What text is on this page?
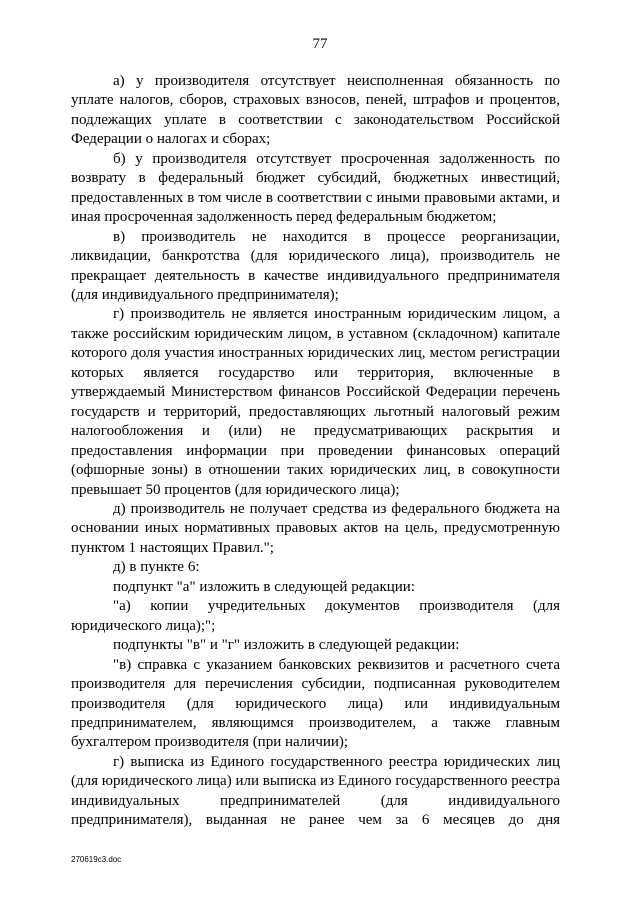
77

а) у производителя отсутствует неисполненная обязанность по уплате налогов, сборов, страховых взносов, пеней, штрафов и процентов, подлежащих уплате в соответствии с законодательством Российской Федерации о налогах и сборах;

б) у производителя отсутствует просроченная задолженность по возврату в федеральный бюджет субсидий, бюджетных инвестиций, предоставленных в том числе в соответствии с иными правовыми актами, и иная просроченная задолженность перед федеральным бюджетом;

в) производитель не находится в процессе реорганизации, ликвидации, банкротства (для юридического лица), производитель не прекращает деятельность в качестве индивидуального предпринимателя (для индивидуального предпринимателя);

г) производитель не является иностранным юридическим лицом, а также российским юридическим лицом, в уставном (складочном) капитале которого доля участия иностранных юридических лиц, местом регистрации которых является государство или территория, включенные в утверждаемый Министерством финансов Российской Федерации перечень государств и территорий, предоставляющих льготный налоговый режим налогообложения и (или) не предусматривающих раскрытия и предоставления информации при проведении финансовых операций (офшорные зоны) в отношении таких юридических лиц, в совокупности превышает 50 процентов (для юридического лица);

д) производитель не получает средства из федерального бюджета на основании иных нормативных правовых актов на цель, предусмотренную пунктом 1 настоящих Правил.";

д) в пункте 6:

подпункт "а" изложить в следующей редакции:

"а) копии учредительных документов производителя (для юридического лица);";

подпункты "в" и "г" изложить в следующей редакции:

"в) справка с указанием банковских реквизитов и расчетного счета производителя для перечисления субсидии, подписанная руководителем производителя (для юридического лица) или индивидуальным предпринимателем, являющимся производителем, а также главным бухгалтером производителя (при наличии);

г) выписка из Единого государственного реестра юридических лиц (для юридического лица) или выписка из Единого государственного реестра индивидуальных предпринимателей (для индивидуального предпринимателя), выданная не ранее чем за 6 месяцев до дня

270619с3.doc
